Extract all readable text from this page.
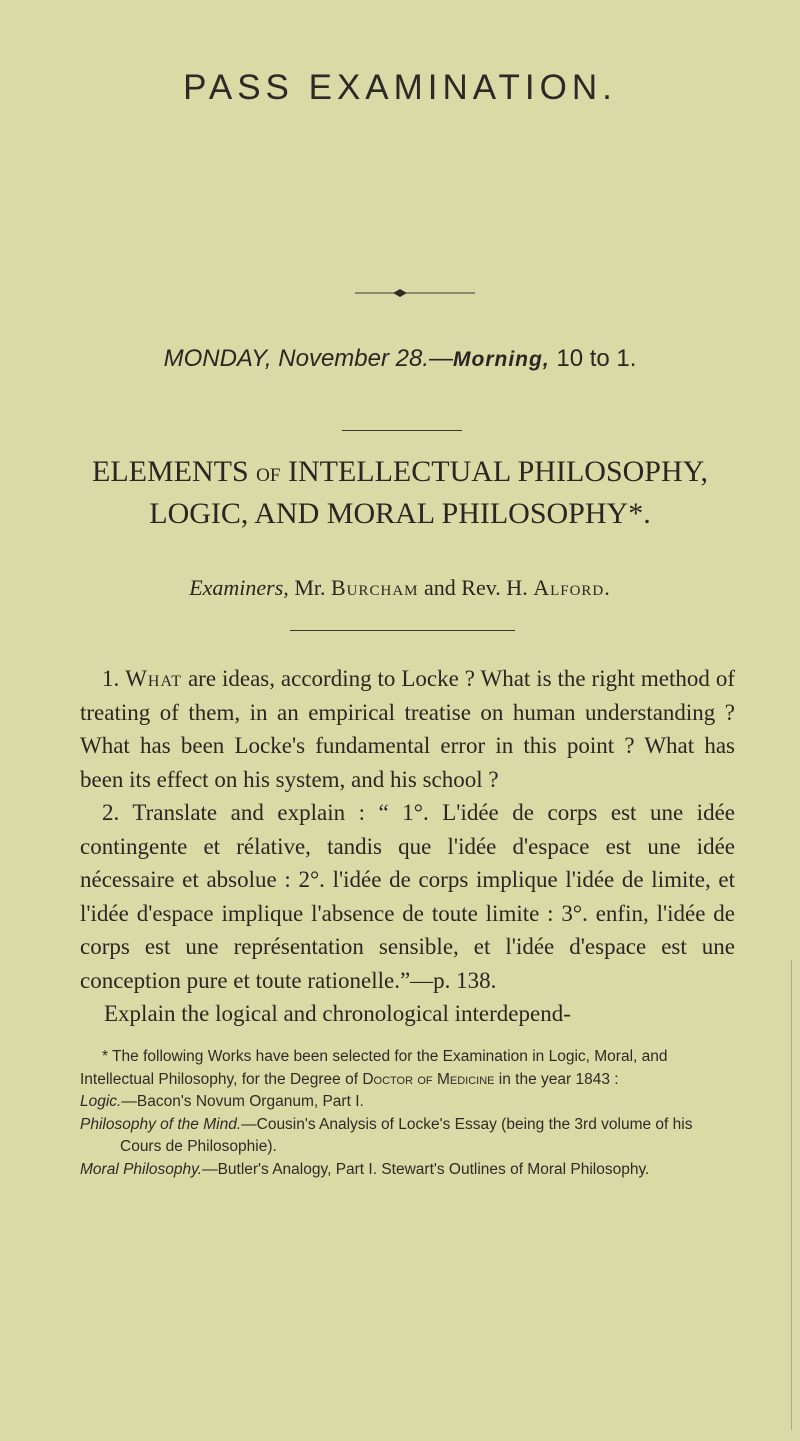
PASS EXAMINATION.
MONDAY, November 28.—Morning, 10 to 1.
ELEMENTS OF INTELLECTUAL PHILOSOPHY,
LOGIC, AND MORAL PHILOSOPHY*.
Examiners, Mr. Burcham and Rev. H. Alford.

1. What are ideas, according to Locke ? What is the right method of treating of them, in an empirical treatise on human understanding ? What has been Locke's fundamental error in this point ? What has been its effect on his system, and his school ?

2. Translate and explain : “ 1°. L'idée de corps est une idée contingente et rélative, tandis que l'idée d'espace est une idée nécessaire et absolue : 2°. l'idée de corps implique l'idée de limite, et l'idée d'espace implique l'absence de toute limite : 3°. enfin, l'idée de corps est une représentation sensible, et l'idée d'espace est une conception pure et toute rationelle.”—p. 138.

Explain the logical and chronological interdepend-

* The following Works have been selected for the Examination in Logic, Moral, and Intellectual Philosophy, for the Degree of Doctor of Medicine in the year 1843 :

Logic.—Bacon's Novum Organum, Part I.

Philosophy of the Mind.—Cousin's Analysis of Locke's Essay (being the 3rd volume of his Cours de Philosophie).

Moral Philosophy.—Butler's Analogy, Part I. Stewart's Outlines of Moral Philosophy.
